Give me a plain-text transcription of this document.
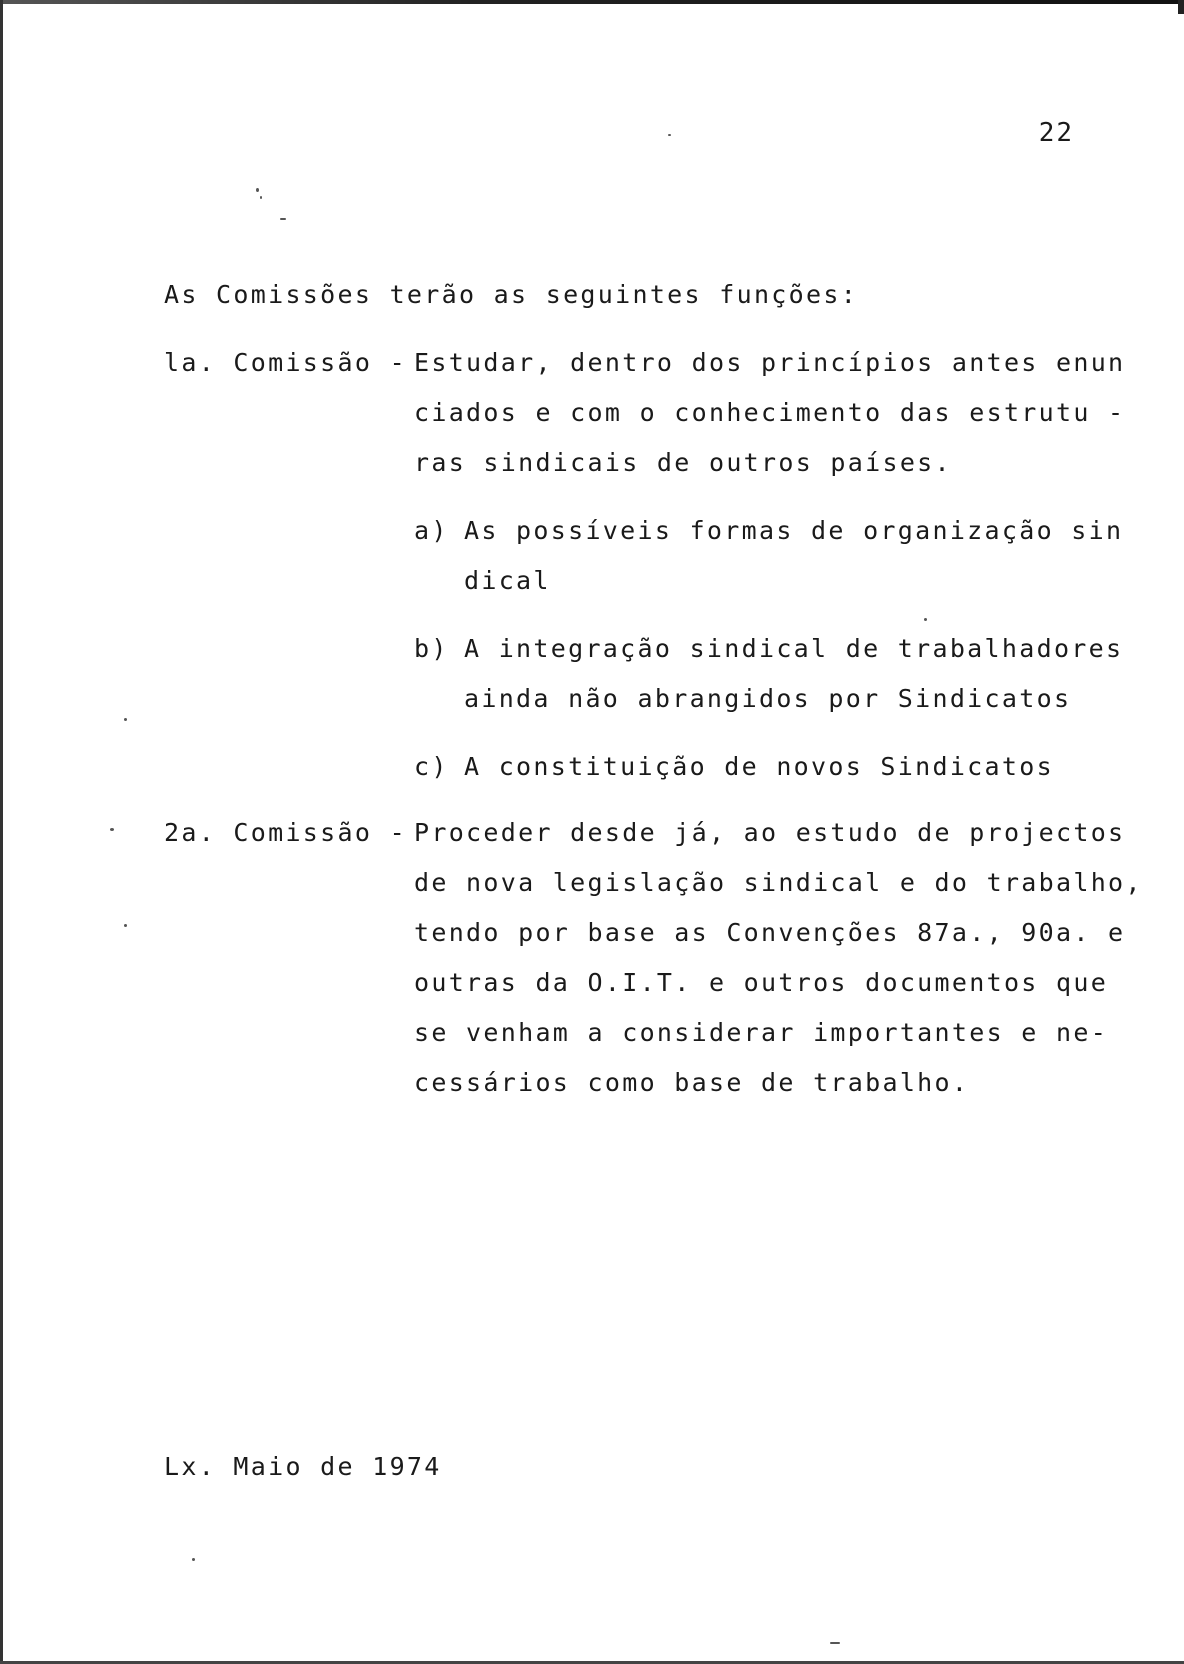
22
As Comissões terão as seguintes funções:
la. Comissão - Estudar, dentro dos princípios antes enun
ciados e com o conhecimento das estrutu -
ras sindicais de outros países.
a) As possíveis formas de organização sin
dical
b) A integração sindical de trabalhadores
ainda não abrangidos por Sindicatos
c) A constituição de novos Sindicatos
2a. Comissão - Proceder desde já, ao estudo de projectos
de nova legislação sindical e do trabalho,
tendo por base as Convenções 87a., 90a. e
outras da O.I.T. e outros documentos que
se venham a considerar importantes e ne-
cessários como base de trabalho.
Lx. Maio de 1974
